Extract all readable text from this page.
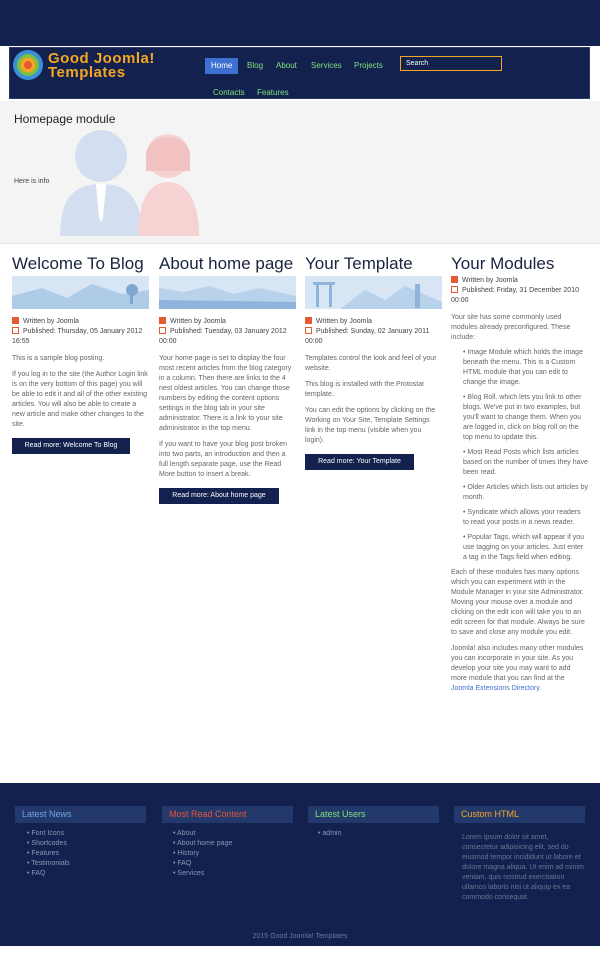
Good Joomla!
Templates	Home	Blog About Services Projects
Contacts Features
Search
Homepage module
Here is info
Welcome To Blog
Written by Joomla
Published: Thursday, 05 January 2012 16:55
This is a sample blog posting.
If you log in to the site (the Author Login link is on the very bottom of this page) you will be able to edit it and all of the other existing articles. You will also be able to create a new article and make other changes to the site.
Read more: Welcome To Blog
About home page
Written by Joomla
Published: Tuesday, 03 January 2012 00:00
Your home page is set to display the four most recent articles from the blog category in a column. Then there are links to the 4 nest oldest articles. You can change those numbers by editing the content options settings in the blog tab in your site administrator. There is a link to your site administrator in the top menu.
If you want to have your blog post broken into two parts, an introduction and then a full length separate page, use the Read More button to insert a break.
Read more: About home page
Your Template
Written by Joomla
Published: Sunday, 02 January 2011 00:00
Templates control the look and feel of your website.
This blog is installed with the Protostar template.
You can edit the options by clicking on the Working on Your Site, Template Settings link in the top menu (visible when you login).
Read more: Your Template
Your Modules
Written by Joomla
Published: Friday, 31 December 2010 00:00
Your site has some commonly used modules already preconfigured. These include:
• Image Module which holds the image beneath the menu. This is a Custom HTML module that you can edit to change the image.
• Blog Roll. which lets you link to other blogs. We've put in two examples, but you'll want to change them. When you are logged in, click on blog roll on the top menu to update this.
• Most Read Posts which lists articles based on the number of times they have been read.
• Older Articles which lists out articles by month.
• Syndicate which allows your readers to read your posts in a news reader.
• Popular Tags, which will appear if you use tagging on your articles. Just enter a tag in the Tags field when editing.
Each of these modules has many options which you can experiment with in the Module Manager in your site Administrator. Moving your mouse over a module and clicking on the edit icon will take you to an edit screen for that module. Always be sure to save and close any module you edit.
Joomla! also includes many other modules you can incorporate in your site. As you develop your site you may want to add more module that you can find at the Joomla Extensions Directory.
Latest News
• Font Icons
• Shortcodes
• Features
• Testimonials
• FAQ
Most Read Content
• About
• About home page
• History
• FAQ
• Services
Latest Users
• admin
Custom HTML
Lorem ipsum dolor sit amet, consectetur adipisicing elit, sed do eiusmod tempor incididunt ut labore et dolore magna aliqua. Ut enim ad minim veniam, quis nostrud exercitation ullamco laboris nisi ut aliquip ex ea commodo consequat.
2015 Good Joomla! Templates
